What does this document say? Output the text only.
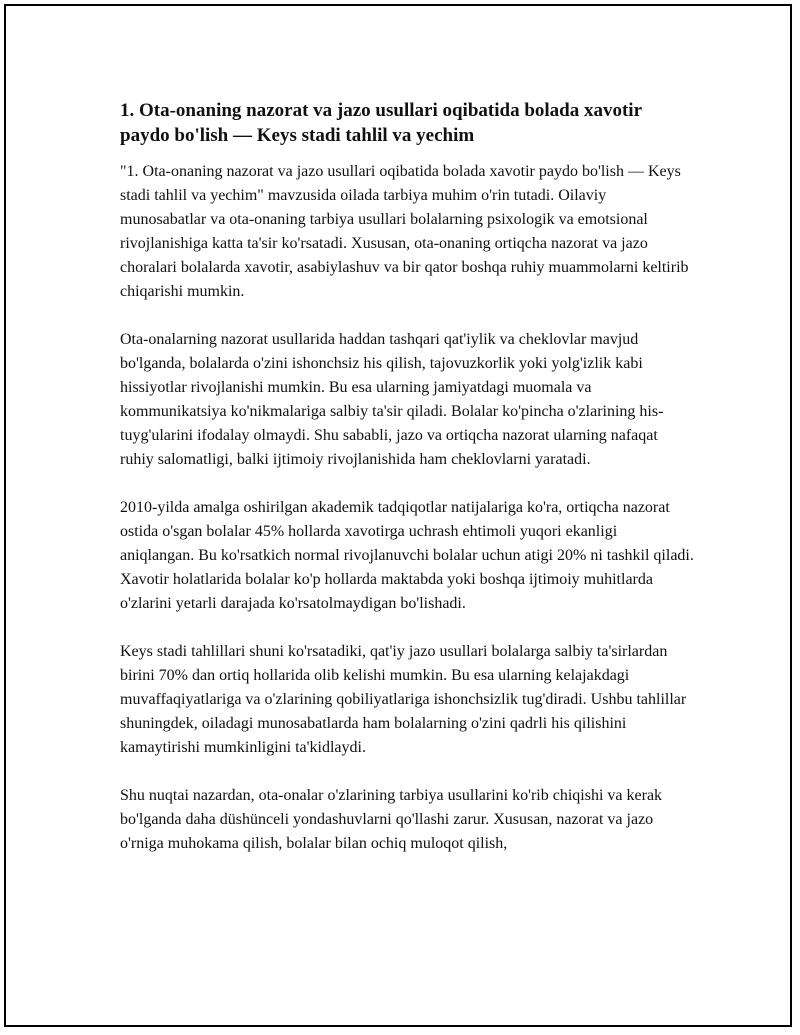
1. Ota-onaning nazorat va jazo usullari oqibatida bolada xavotir paydo bo'lish — Keys stadi tahlil va yechim

"1. Ota-onaning nazorat va jazo usullari oqibatida bolada xavotir paydo bo'lish — Keys stadi tahlil va yechim" mavzusida oilada tarbiya muhim o'rin tutadi. Oilaviy munosabatlar va ota-onaning tarbiya usullari bolalarning psixologik va emotsional rivojlanishiga katta ta'sir ko'rsatadi. Xususan, ota-onaning ortiqcha nazorat va jazo choralari bolalarda xavotir, asabiylashuv va bir qator boshqa ruhiy muammolarni keltirib chiqarishi mumkin.

Ota-onalarning nazorat usullarida haddan tashqari qat'iylik va cheklovlar mavjud bo'lganda, bolalarda o'zini ishonchsiz his qilish, tajovuzkorlik yoki yolg'izlik kabi hissiyotlar rivojlanishi mumkin. Bu esa ularning jamiyatdagi muomala va kommunikatsiya ko'nikmalariga salbiy ta'sir qiladi. Bolalar ko'pincha o'zlarining his-tuyg'ularini ifodalay olmaydi. Shu sababli, jazo va ortiqcha nazorat ularning nafaqat ruhiy salomatligi, balki ijtimoiy rivojlanishida ham cheklovlarni yaratadi.

2010-yilda amalga oshirilgan akademik tadqiqotlar natijalariga ko'ra, ortiqcha nazorat ostida o'sgan bolalar 45% hollarda xavotirga uchrash ehtimoli yuqori ekanligi aniqlangan. Bu ko'rsatkich normal rivojlanuvchi bolalar uchun atigi 20% ni tashkil qiladi. Xavotir holatlarida bolalar ko'p hollarda maktabda yoki boshqa ijtimoiy muhitlarda o'zlarini yetarli darajada ko'rsatolmaydigan bo'lishadi.

Keys stadi tahlillari shuni ko'rsatadiki, qat'iy jazo usullari bolalarga salbiy ta'sirlardan birini 70% dan ortiq hollarida olib kelishi mumkin. Bu esa ularning kelajakdagi muvaffaqiyatlariga va o'zlarining qobiliyatlariga ishonchsizlik tug'diradi. Ushbu tahlillar shuningdek, oiladagi munosabatlarda ham bolalarning o'zini qadrli his qilishini kamaytirishi mumkinligini ta'kidlaydi.

Shu nuqtai nazardan, ota-onalar o'zlarining tarbiya usullarini ko'rib chiqishi va kerak bo'lganda daha düshünceli yondashuvlarni qo'llashi zarur. Xususan, nazorat va jazo o'rniga muhokama qilish, bolalar bilan ochiq muloqot qilish,
